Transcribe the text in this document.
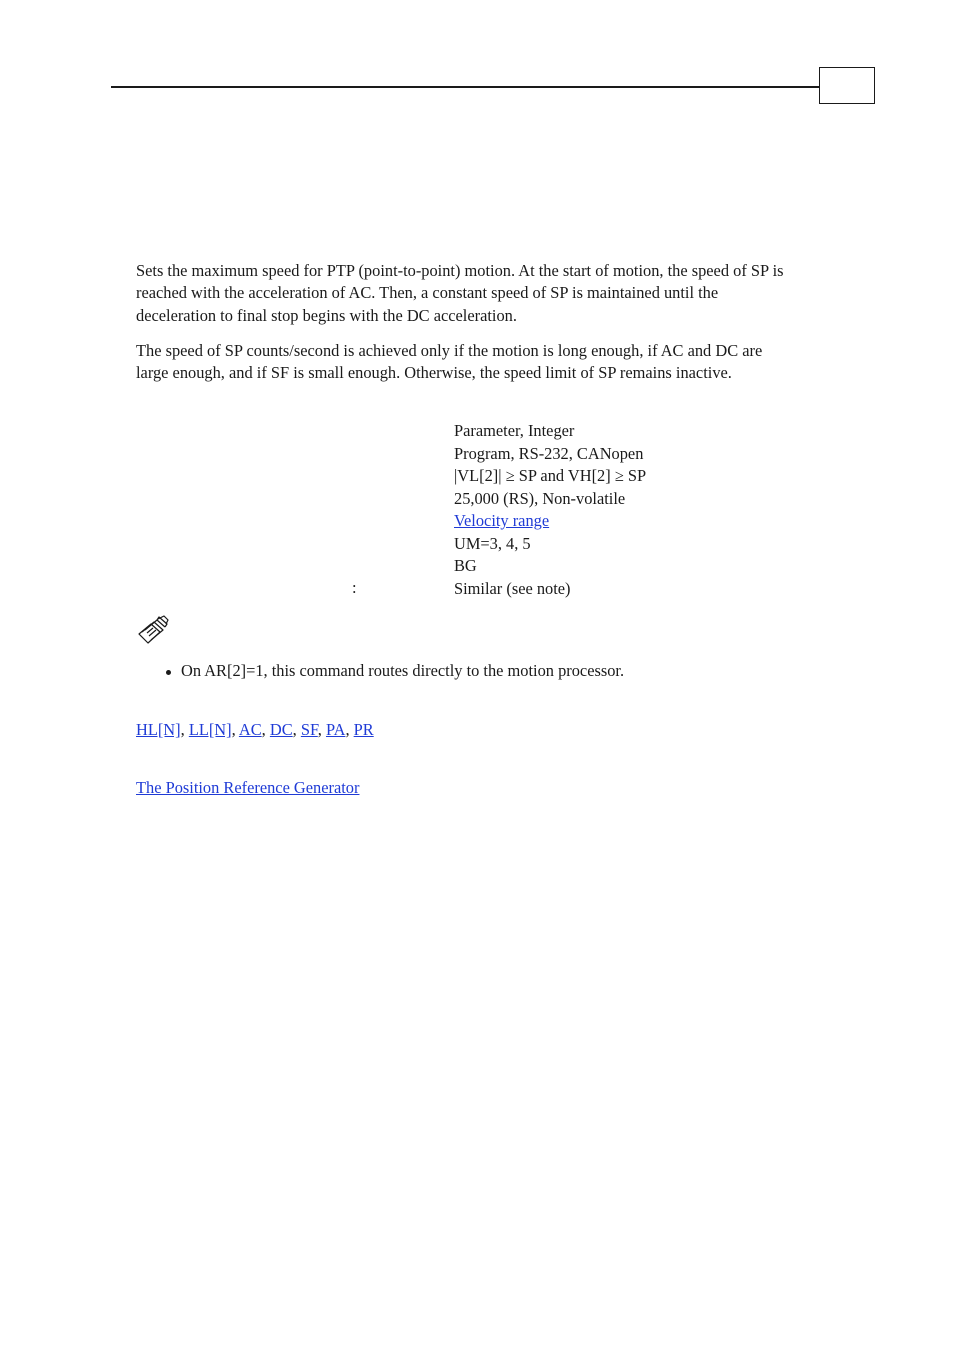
Sets the maximum speed for PTP (point-to-point) motion. At the start of motion, the speed of SP is reached with the acceleration of AC. Then, a constant speed of SP is maintained until the deceleration to final stop begins with the DC acceleration.

The speed of SP counts/second is achieved only if the motion is long enough, if AC and DC are large enough, and if SF is small enough. Otherwise, the speed limit of SP remains inactive.

Parameter, Integer
Program, RS-232, CANopen
|VL[2]| ≥ SP and VH[2] ≥ SP
25,000 (RS), Non-volatile
Velocity range
UM=3, 4, 5
BG
Similar (see note)
:
On AR[2]=1, this command routes directly to the motion processor.
HL[N], LL[N], AC, DC, SF, PA, PR
The Position Reference Generator
